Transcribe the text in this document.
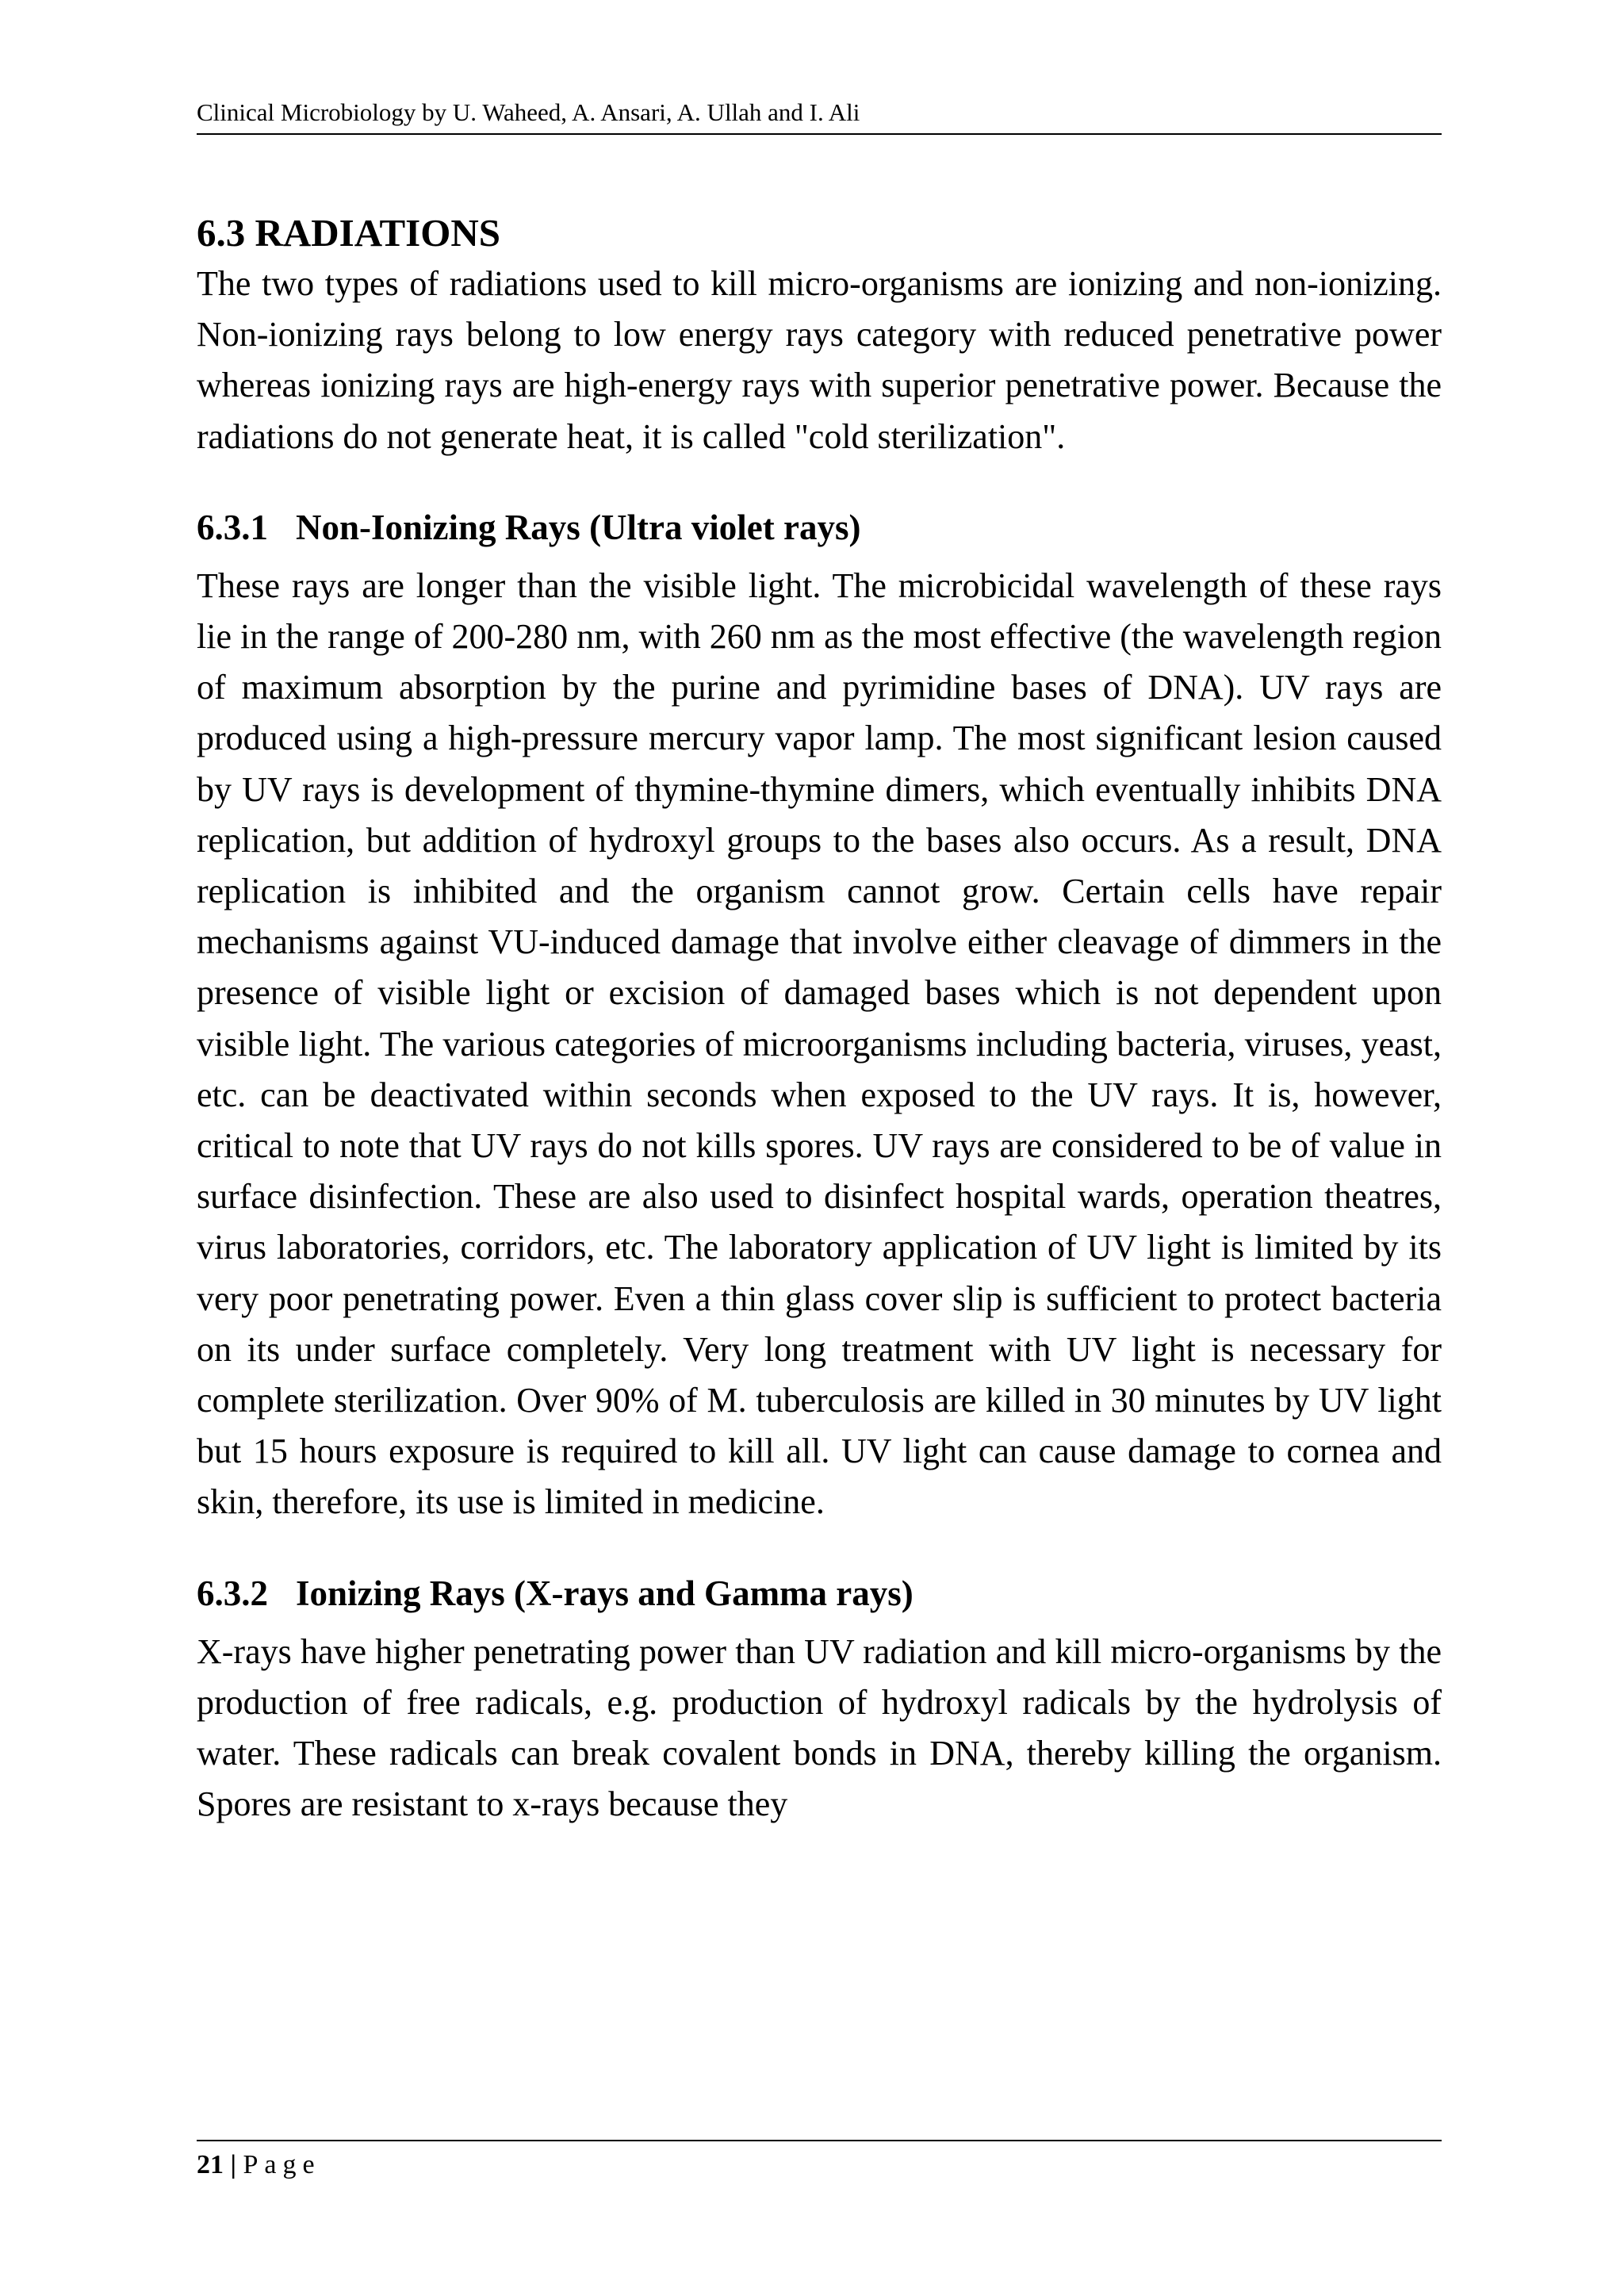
Clinical Microbiology by U. Waheed, A. Ansari, A. Ullah and I. Ali
6.3 RADIATIONS

The two types of radiations used to kill micro-organisms are ionizing and non-ionizing. Non-ionizing rays belong to low energy rays category with reduced penetrative power whereas ionizing rays are high-energy rays with superior penetrative power. Because the radiations do not generate heat, it is called "cold sterilization".

6.3.1 Non-Ionizing Rays (Ultra violet rays)

These rays are longer than the visible light. The microbicidal wavelength of these rays lie in the range of 200-280 nm, with 260 nm as the most effective (the wavelength region of maximum absorption by the purine and pyrimidine bases of DNA). UV rays are produced using a high-pressure mercury vapor lamp. The most significant lesion caused by UV rays is development of thymine-thymine dimers, which eventually inhibits DNA replication, but addition of hydroxyl groups to the bases also occurs. As a result, DNA replication is inhibited and the organism cannot grow. Certain cells have repair mechanisms against VU-induced damage that involve either cleavage of dimmers in the presence of visible light or excision of damaged bases which is not dependent upon visible light. The various categories of microorganisms including bacteria, viruses, yeast, etc. can be deactivated within seconds when exposed to the UV rays. It is, however, critical to note that UV rays do not kills spores. UV rays are considered to be of value in surface disinfection. These are also used to disinfect hospital wards, operation theatres, virus laboratories, corridors, etc. The laboratory application of UV light is limited by its very poor penetrating power. Even a thin glass cover slip is sufficient to protect bacteria on its under surface completely. Very long treatment with UV light is necessary for complete sterilization. Over 90% of M. tuberculosis are killed in 30 minutes by UV light but 15 hours exposure is required to kill all. UV light can cause damage to cornea and skin, therefore, its use is limited in medicine.

6.3.2 Ionizing Rays (X-rays and Gamma rays)

X-rays have higher penetrating power than UV radiation and kill micro-organisms by the production of free radicals, e.g. production of hydroxyl radicals by the hydrolysis of water. These radicals can break covalent bonds in DNA, thereby killing the organism. Spores are resistant to x-rays because they

21 | Page
